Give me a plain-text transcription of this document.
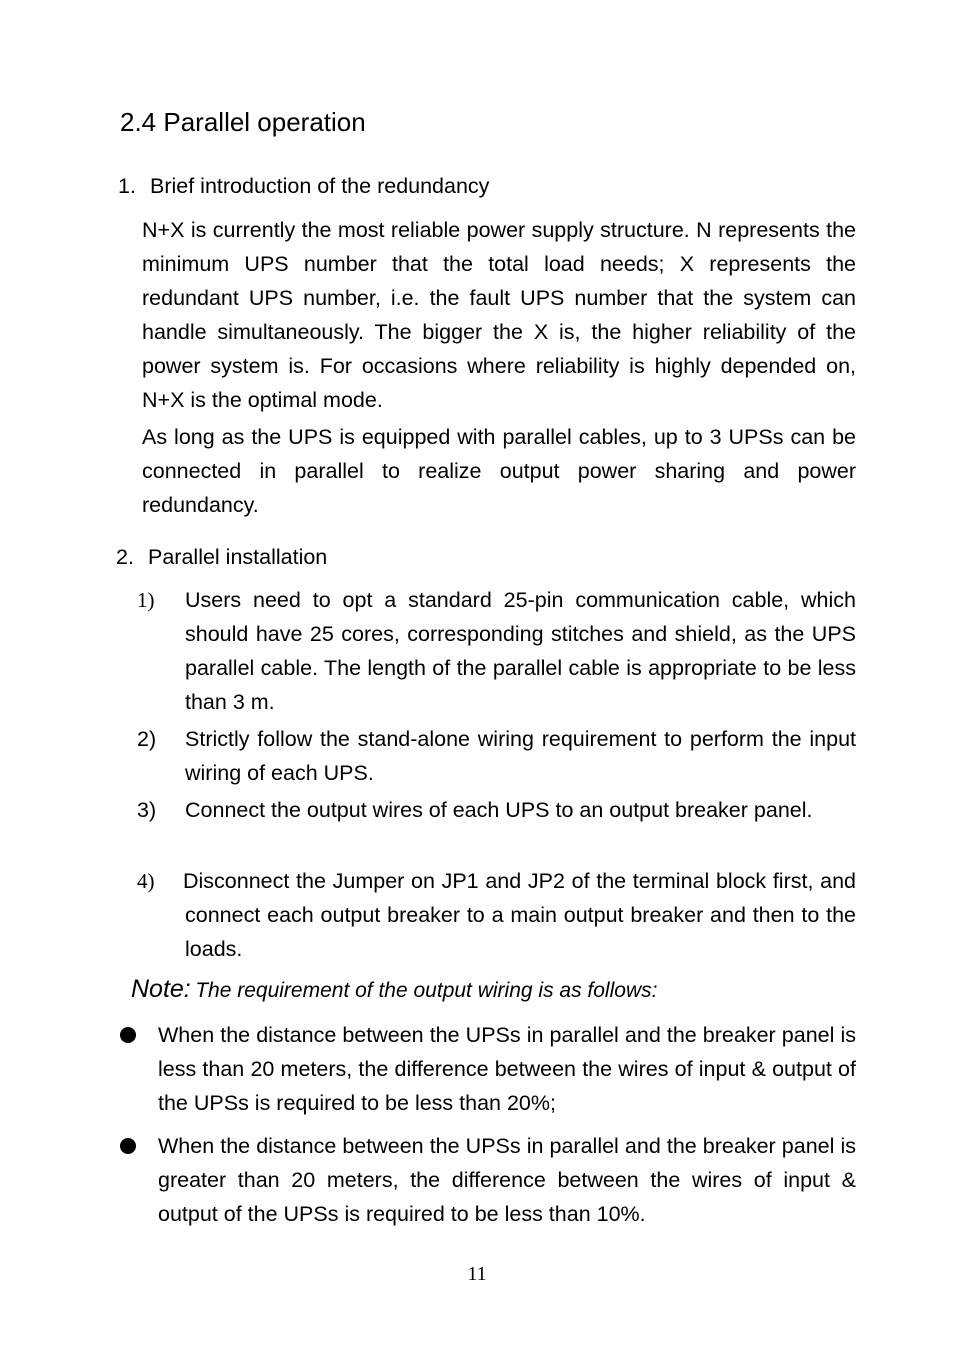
2.4 Parallel operation
1. Brief introduction of the redundancy
N+X is currently the most reliable power supply structure. N represents the minimum UPS number that the total load needs; X represents the redundant UPS number, i.e. the fault UPS number that the system can handle simultaneously. The bigger the X is, the higher reliability of the power system is. For occasions where reliability is highly depended on, N+X is the optimal mode.
As long as the UPS is equipped with parallel cables, up to 3 UPSs can be connected in parallel to realize output power sharing and power redundancy.
2. Parallel installation
1) Users need to opt a standard 25-pin communication cable, which should have 25 cores, corresponding stitches and shield, as the UPS parallel cable. The length of the parallel cable is appropriate to be less than 3 m.
2) Strictly follow the stand-alone wiring requirement to perform the input wiring of each UPS.
3) Connect the output wires of each UPS to an output breaker panel.
4) Disconnect the Jumper on JP1 and JP2 of the terminal block first, and connect each output breaker to a main output breaker and then to the loads.
Note: The requirement of the output wiring is as follows:
When the distance between the UPSs in parallel and the breaker panel is less than 20 meters, the difference between the wires of input & output of the UPSs is required to be less than 20%;
When the distance between the UPSs in parallel and the breaker panel is greater than 20 meters, the difference between the wires of input & output of the UPSs is required to be less than 10%.
11
